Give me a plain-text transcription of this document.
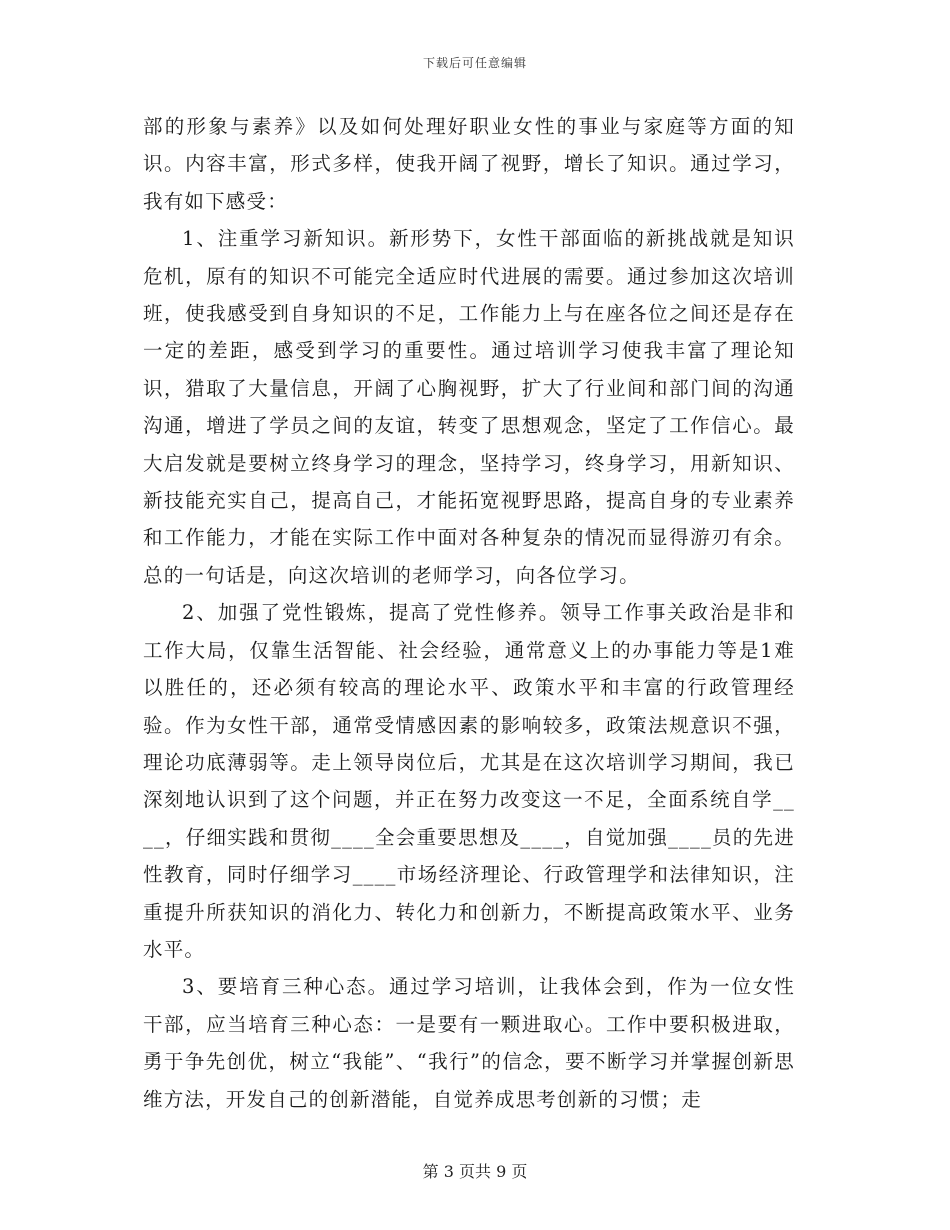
下载后可任意编辑

部的形象与素养》以及如何处理好职业女性的事业与家庭等方面的知识。内容丰富，形式多样，使我开阔了视野，增长了知识。通过学习，我有如下感受：

1、注重学习新知识。新形势下，女性干部面临的新挑战就是知识危机，原有的知识不可能完全适应时代进展的需要。通过参加这次培训班，使我感受到自身知识的不足，工作能力上与在座各位之间还是存在一定的差距，感受到学习的重要性。通过培训学习使我丰富了理论知识，猎取了大量信息，开阔了心胸视野，扩大了行业间和部门间的沟通沟通，增进了学员之间的友谊，转变了思想观念，坚定了工作信心。最大启发就是要树立终身学习的理念，坚持学习，终身学习，用新知识、新技能充实自己，提高自己，才能拓宽视野思路，提高自身的专业素养和工作能力，才能在实际工作中面对各种复杂的情况而显得游刃有余。总的一句话是，向这次培训的老师学习，向各位学习。

2、加强了党性锻炼，提高了党性修养。领导工作事关政治是非和工作大局，仅靠生活智能、社会经验，通常意义上的办事能力等是1难以胜任的，还必须有较高的理论水平、政策水平和丰富的行政管理经验。作为女性干部，通常受情感因素的影响较多，政策法规意识不强，理论功底薄弱等。走上领导岗位后，尤其是在这次培训学习期间，我已深刻地认识到了这个问题，并正在努力改变这一不足，全面系统自学____，仔细实践和贯彻____全会重要思想及____，自觉加强____员的先进性教育，同时仔细学习____市场经济理论、行政管理学和法律知识，注重提升所获知识的消化力、转化力和创新力，不断提高政策水平、业务水平。

3、要培育三种心态。通过学习培训，让我体会到，作为一位女性干部，应当培育三种心态：一是要有一颗进取心。工作中要积极进取，勇于争先创优，树立“我能”、“我行”的信念，要不断学习并掌握创新思维方法，开发自己的创新潜能，自觉养成思考创新的习惯；走

第 3 页共 9 页
